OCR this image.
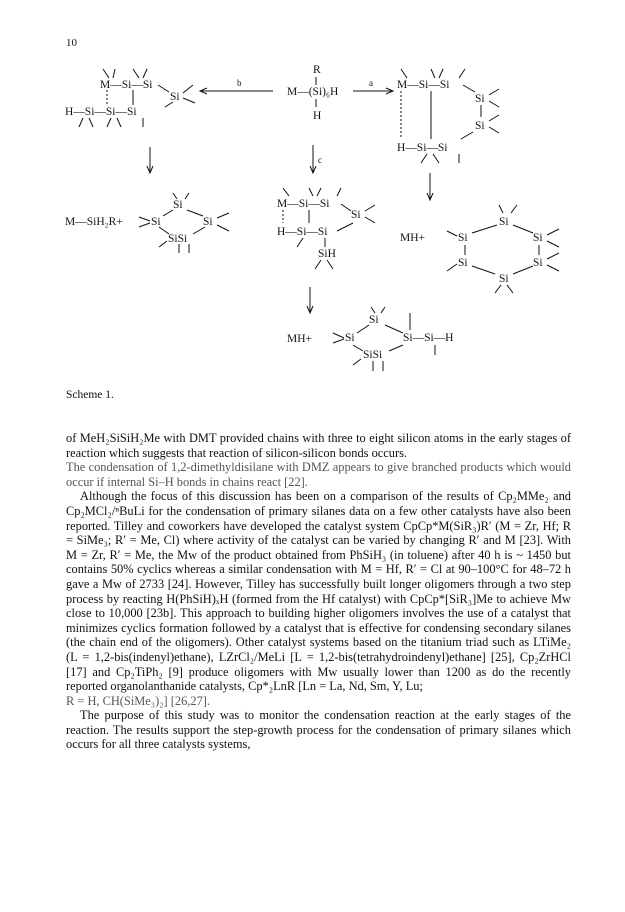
10
M—Si—Si
Si
H—Si—Si—Si
b
R
M—(Si)₆H
H
a M—Si—Si
Si
Si
H—Si—Si
c
M—SiH₂R+
Si
Si	Si
SiSi
M—Si—Si
Si
H—Si—Si
SiH
MH+
Si
Si	Si
Si	Si
Si
MH+
Si
Si	Si—Si—H
SiSi
Scheme 1.

of MeH₂SiSiH₂Me with DMT provided chains with three to eight silicon atoms in the early stages of reaction which suggests that reaction of silicon-silicon bonds occurs.

The condensation of 1,2-dimethyldisilane with DMZ appears to give branched products which would occur if internal Si–H bonds in chains react [22].

Although the focus of this discussion has been on a comparison of the results of Cp₂MMe₂ and Cp₂MCl₂/ⁿBuLi for the condensation of primary silanes data on a few other catalysts have also been reported. Tilley and coworkers have developed the catalyst system CpCp*M(SiR₃)R′ (M = Zr, Hf; R = SiMe₃; R′ = Me, Cl) where activity of the catalyst can be varied by changing R′ and M [23]. With M = Zr, R′ = Me, the Mw of the product obtained from PhSiH₃ (in toluene) after 40 h is ~ 1450 but contains 50% cyclics whereas a similar condensation with M = Hf, R′ = Cl at 90–100°C for 48–72 h gave a Mw of 2733 [24]. However, Tilley has successfully built longer oligomers through a two step process by reacting H(PhSiH)ₓH (formed from the Hf catalyst) with CpCp*[SiR₃]Me to achieve Mw close to 10,000 [23b]. This approach to building higher oligomers involves the use of a catalyst that minimizes cyclics formation followed by a catalyst that is effective for condensing secondary silanes (the chain end of the oligomers). Other catalyst systems based on the titanium triad such as LTiMe₂ (L = 1,2-bis(indenyl)ethane), LZrCl₂/MeLi [L = 1,2-bis(tetrahydroindenyl)ethane] [25], Cp₂ZrHCl [17] and Cp₂TiPh₂ [9] produce oligomers with Mw usually lower than 1200 as do the recently reported organolanthanide catalysts, Cp*₂LnR [Ln = La, Nd, Sm, Y, Lu;

R = H, CH(SiMe₃)₂] [26,27].

The purpose of this study was to monitor the condensation reaction at the early stages of the reaction. The results support the step-growth process for the condensation of primary silanes which occurs for all three catalysts systems,
